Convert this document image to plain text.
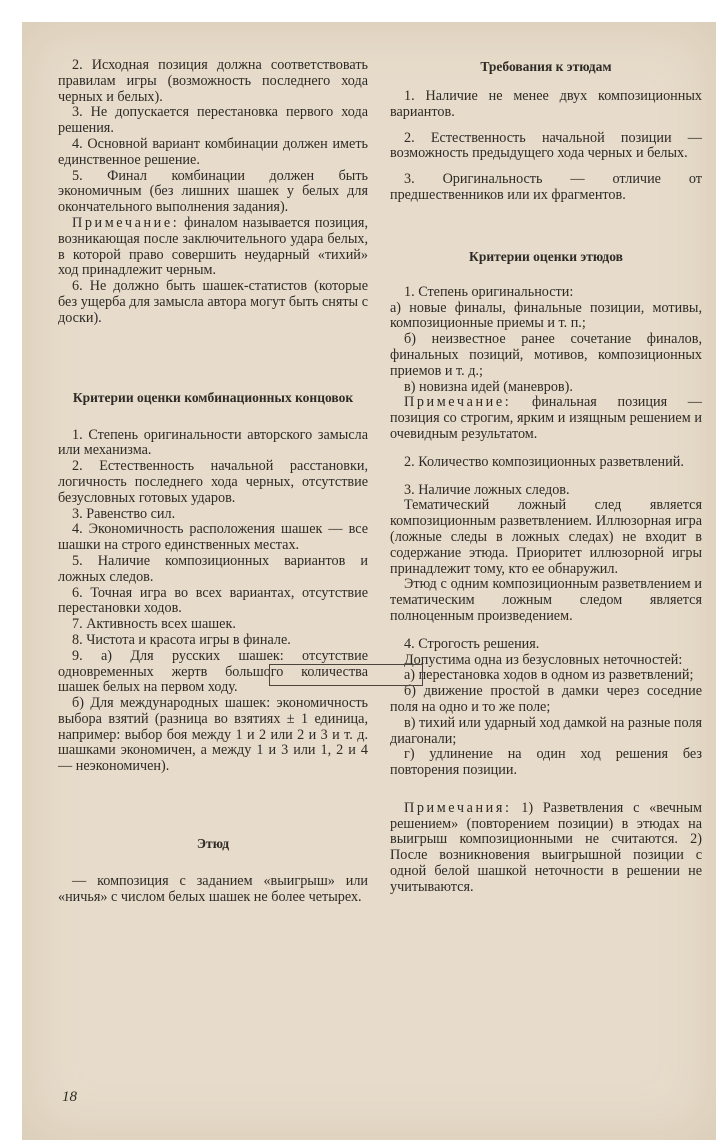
2. Исходная позиция должна соответствовать правилам игры (возможность последнего хода черных и белых).

3. Не допускается перестановка первого хода решения.

4. Основной вариант комбинации должен иметь единственное решение.

5. Финал комбинации должен быть экономичным (без лишних шашек у белых для окончательного выполнения задания).

Примечание: финалом называется позиция, возникающая после заключительного удара белых, в которой право совершить неударный «тихий» ход принадлежит черным.

6. Не должно быть шашек-статистов (которые без ущерба для замысла автора могут быть сняты с доски).

Критерии оценки комбинационных концовок

1. Степень оригинальности авторского замысла или механизма.

2. Естественность начальной расстановки, логичность последнего хода черных, отсутствие безусловных готовых ударов.

3. Равенство сил.

4. Экономичность расположения шашек — все шашки на строго единственных местах.

5. Наличие композиционных вариантов и ложных следов.

6. Точная игра во всех вариантах, отсутствие перестановки ходов.

7. Активность всех шашек.

8. Чистота и красота игры в финале.

9. а) Для русских шашек: отсутствие одновременных жертв большого количества шашек белых на первом ходу.

б) Для международных шашек: экономичность выбора взятий (разница во взятиях ± 1 единица, например: выбор боя между 1 и 2 или 2 и 3 и т. д. шашками экономичен, а между 1 и 3 или 1, 2 и 4 — неэкономичен).

Этюд

— композиция с заданием «выигрыш» или «ничья» с числом белых шашек не более четырех.

Требования к этюдам

1. Наличие не менее двух композиционных вариантов.

2. Естественность начальной позиции — возможность предыдущего хода черных и белых.

3. Оригинальность — отличие от предшественников или их фрагментов.

Критерии оценки этюдов

1. Степень оригинальности:

а) новые финалы, финальные позиции, мотивы, композиционные приемы и т. п.;

б) неизвестное ранее сочетание финалов, финальных позиций, мотивов, композиционных приемов и т. д.;

в) новизна идей (маневров).

Примечание: финальная позиция — позиция со строгим, ярким и изящным решением и очевидным результатом.

2. Количество композиционных разветвлений.

3. Наличие ложных следов.

Тематический ложный след является композиционным разветвлением. Иллюзорная игра (ложные следы в ложных следах) не входит в содержание этюда. Приоритет иллюзорной игры принадлежит тому, кто ее обнаружил.

Этюд с одним композиционным разветвлением и тематическим ложным следом является полноценным произведением.

4. Строгость решения.

Допустима одна из безусловных неточностей:

а) перестановка ходов в одном из разветвлений;

б) движение простой в дамки через соседние поля на одно и то же поле;

в) тихий или ударный ход дамкой на разные поля диагонали;

г) удлинение на один ход решения без повторения позиции.

Примечания: 1) Разветвления с «вечным решением» (повторением позиции) в этюдах на выигрыш композиционными не считаются. 2) После возникновения выигрышной позиции с одной белой шашкой неточности в решении не учитываются.

18
